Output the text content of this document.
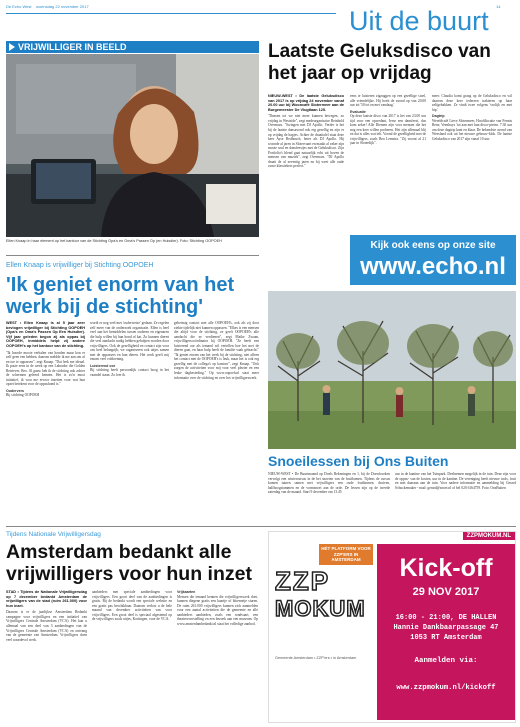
De Echo West woensdag 22 november 2017	Uit de buurt 14
VRIJWILLIGER IN BEELD
Ellen Knaap in haar element op het kantoor van de Stichting Opa's en Oma's Passen Op (en Huisdier). Foto: Stichting OOPOEH
Ellen Knaap is vrijwilliger bij Stichting OOPOEH
'Ik geniet enorm van het werk bij de stichting'

WEST • Ellen Knaap is al 5 jaar zeer bevlogen vrijwilliger bij Stichting OOPOEH (Opa's en Oma's Passen Op Een Huisdier). Vijf jaar geleden begon zij als oppas bij OOPOEH, inmiddels helpt zij andere OOPOEH's op het kantoor van de stichting.

"Ik hoorde mooie verhalen van honden maar kon er zelf geen een hebben, daarom meldde ik me aan om af en toe te oppassen", zegt Knaap. "Dat leek me ideaal. Ik paste eens in de week op een Labrador die Golden Retriever, Beo. Al gauw heb ik de stichting ook achter de schermen geleerd kennen. Het is zo'n mooi initiatief, ik wou me ervoor inzetten voor wat hun opzet betekent voor de oppashond is."

Oudervers

Bij stichting OOPOEH

wordt er nog veel met 'ouderwetse' gedaan. Ze regelen zelf meer van de onderzoek organisatie. Ellen is heel veel aan het bemiddelen tussen ouderen en eigenaren die hulp willen bij hun hond of kat. Zo kunnen dieren die veel aandacht nodig hebben geholpen worden door vrijwilligers. Ook de gezelligheid en contact zijn voor ons heel belangrijk, we organiseren ook uitjes samen met de oppassers en hun dieren. Het werk geeft mij enorm veel voldoening.

Luisterend oor

Bij stichting heeft persoonlijk contact hoog in het vaandel staan. Zo leer ik

geheimig contact met alle OOPOEH's, ook als zij door ziekte tijdelijk niet kunnen oppassen. "Elkes is een mensen die altijd voor de stichting, ze geeft OOPOEH's alle aandacht die ze verdienen", zegt Maike Zwaan, vrijwilligerscoördinator bij OOPOEH. "Ze heeft een luisterend oor als iemand wil vertellen hoe het met de dieren gaat, en haar hulp heeft de familie vaak gebracht." "Ik geniet enorm van het werk bij de stichting, niet alleen het contact met de OOPOEH's is leuk, maar het is ook erg gezellig met de collega's op kantoor", zegt Knaap. "Ook zorgen de activiteiten voor mij voor veel plezier en een leuke dagbesteding." Op www.oopoeh.nl staat meer informatie over de stichting en over het vrijwilligerswerk.

Laatste Geluksdisco van het jaar op vrijdag

NIEUW-WEST • De laatste Geluksdisco van 2017 is op vrijdag 24 november vanaf 20.00 uur bij Wooncafé Slotermeer aan de Burgemeester De Vlugtlaan 125.

"Dansen tot we niet meer kunnen bewegen, zo vrijdag in Westside", zegt medeorganisator Reinhold Overmars. "Swingen met DJ Apollo. Verder is het bij de laatste dansavond ook erg gezellig en zijn er op vrijdag de hapjes. Achter de draaitafel staat deze keer Ayse Redhouch, beter als DJ Apollo. Hij woonde al jaren in Slotervaart en maakt al vaker zijn mooie soul en dansfeestjes met de Geluksdisco. Zijn Portfolio's blend gaat natuurlijk echt uit boven de mensen van muziek", zegt Overmars. "DJ Apollo draait de al zeventig jaren en hij weet alle oude ouwe klassiekers perfect."

eens te luisteren zigzaggen op een gezellige stoel, alle vriendelijke. Hij boeit de avond op van 20.00 uur tot '50 tot en met vandaag.'

Evaluatie

Op deze laatste disco van 2017 is het van 23.00 uur tijd voor een opwedant, Ierse een dansfeest, dus kom zeker! Alle Diemen zijn voor mensen die het nog een keer willen proberen. Het zijn allemaal blij en dat is alles wat telt. Vooral de gezelligheid met de vrijwilligers, zoals Bea Lemstra. "Zij woont al 21 jaar in Sloterdijk".

meer. Claudia komt graag op de Geluksdisco en wil daarom deze keer iedereen trakteren op haar zelfgebakken. Ze vindt twee volgens 'vrolijk en met hip.'

Dagtrip

Wereldcafé Lieve Slotermeer, Hoofdlocatie van Fennis Rens; Veenhuys 'tot aan met hun disco-pieten. 7.30 uur om deze dagtrip kant en klaar. De bekendste avond van Weesland ook uit het nieuwe gebouw-blok. De laatste Geluksdisco van 2017 zijn vanaf 10 uur.

Kijk ook eens op onze site
www.echo.nl
Snoeilessen bij Ons Buiten

NIEUW-WEST • De Buurtmaand op Doels Rekeningen en 1, bij de Doenfoorken vervolgt een wintercursus in de het snoeien van de fruitbomen. Tijdens de cursus komen tuinen samen met vrijwilligers een oude fruitbomen, druiven, halfhoogstammen en de vormsnoei aan de orde. De lessen zijn op de tweede zaterdag van de maand. Start 9 december om 13.45

uur in de kantine van het Tuinpark. Deelnemen mogelijk in de tuin. Deze zijn voor de oppas- van de kosten, uur in de kantine. De vereniging heeft nieuwe tools, fruit en met daaraan aan de tuin. Voor nadere informatie en aanmelding bij Gerard Schuckemaker - mail: gerard@snoei.nl of bel 020 6164759. Foto: OnsBuiten

Tijdens Nationale Vrijwilligersdag
Amsterdam bedankt alle vrijwilligers voor hun inzet

STAD • Tijdens de Nationale Vrijwilligersdag op 7 december bedankt Amsterdam de vrijwilligers van de stad (ruim 261.000) voor hun inzet.

Daarom is er de jaarlijkse Amsterdam Bedankt campagne voor vrijwilligers en een initiatief van Vrijwilligers Centrale Amsterdam (VCA). Het kan u allemaal van een deel van 3 aanbiedingen van de Vrijwilligers Centrale Amsterdam (VCA) en ontvang van de gemeente van Amsterdam. Vrijwilligers doen veel waardevol werk.

aanbieders met speciale aanbiedingen voor vrijwilligers. Een groot deel van de aanbiedingen is gratis. Bij de bedankt wordt een speciale website en een gratis pas beschikbaar. Daarom verlost u de hele maand van december activiteiten van voor vrijwilligers. Een groot deel is speciaal afgestemd op de vrijwilligers zoals uitjes, Kortingen, voor de VCA.

Vrijkaarten

Mensen die iemand kennen die vrijwilligerswerk doet, kunnen diegene gratis een kaartje of bloemetje sturen. De ruim 261.000 vrijwilligers kunnen zich aanmelden voor een aantal activiteiten die de gemeente en alle aanbieders aanbieden, zoals een rondvaart, een theatervoorstelling en een bezoek aan een museum. Op www.amsterdambedankt.nl staat het volledige aanbod.

ZZPMOKUM.NL
HÉT PLATFORM VOOR ZZP'ERS IN AMSTERDAM
ZZP
MOKUM
Gemeente Amsterdam • ZZP'ers • in Amsterdam
Kick-off
29 NOV 2017
16:00 - 21:00, DE HALLEN
Hannie Dankbaarpassage 47
1053 RT Amsterdam
Aanmelden via:
www.zzpmokum.nl/kickoff
